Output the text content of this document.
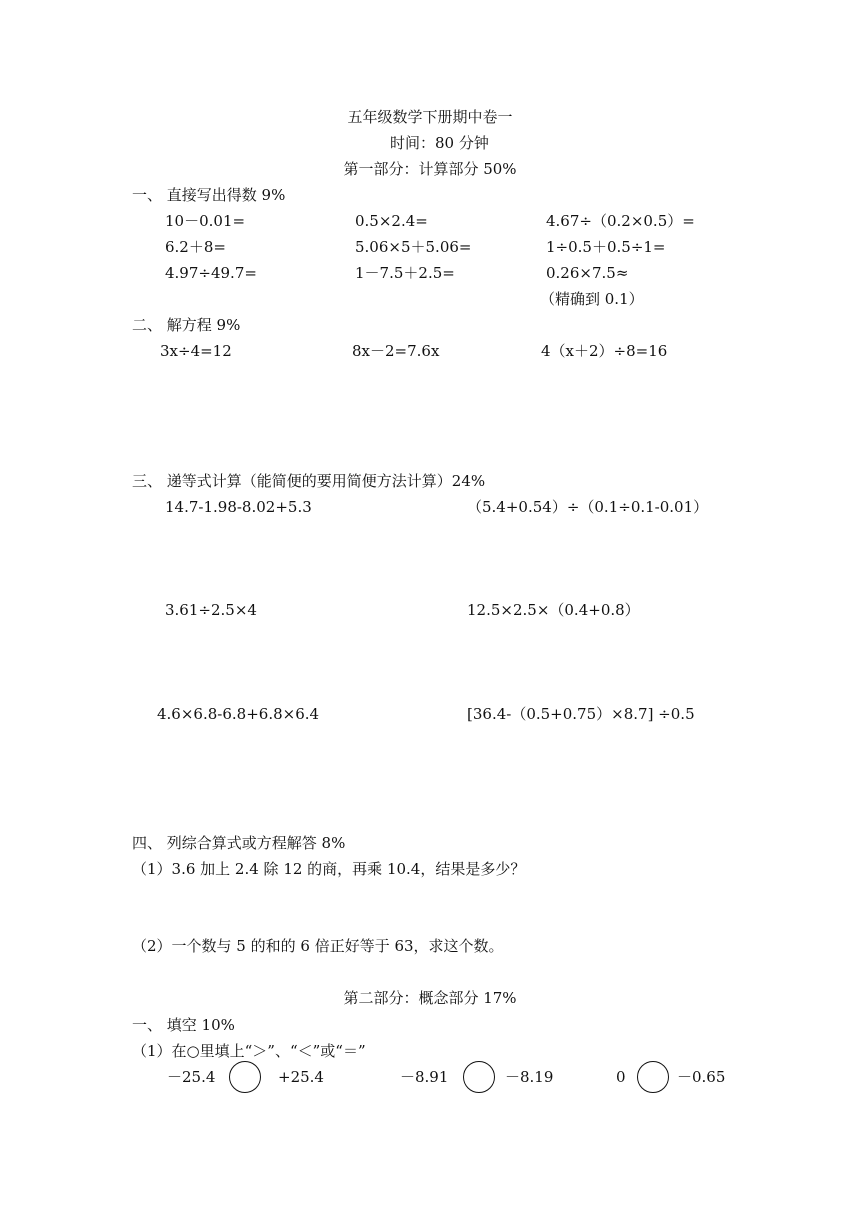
五年级数学下册期中卷一
时间：80 分钟
第一部分：计算部分 50%
一、 直接写出得数 9%
10－0.01=	0.5×2.4=	4.67÷（0.2×0.5）=
6.2＋8=	5.06×5＋5.06=	1÷0.5＋0.5÷1=
4.97÷49.7=	1－7.5＋2.5=	0.26×7.5≈
（精确到 0.1）
二、 解方程 9%
3x÷4=12	8x－2=7.6x	4（x＋2）÷8=16
三、 递等式计算（能简便的要用简便方法计算）24%
14.7-1.98-8.02+5.3	（5.4+0.54）÷（0.1÷0.1-0.01）
3.61÷2.5×4	12.5×2.5×（0.4+0.8）
4.6×6.8-6.8+6.8×6.4	[36.4-（0.5+0.75）×8.7] ÷0.5
四、 列综合算式或方程解答 8%
（1）3.6 加上 2.4 除 12 的商，再乘 10.4，结果是多少？
（2）一个数与 5 的和的 6 倍正好等于 63，求这个数。
第二部分：概念部分 17%
一、 填空 10%
（1）在○里填上“＞”、“＜”或“＝”
－25.4	+25.4	－8.91	－8.19	0	－0.65
